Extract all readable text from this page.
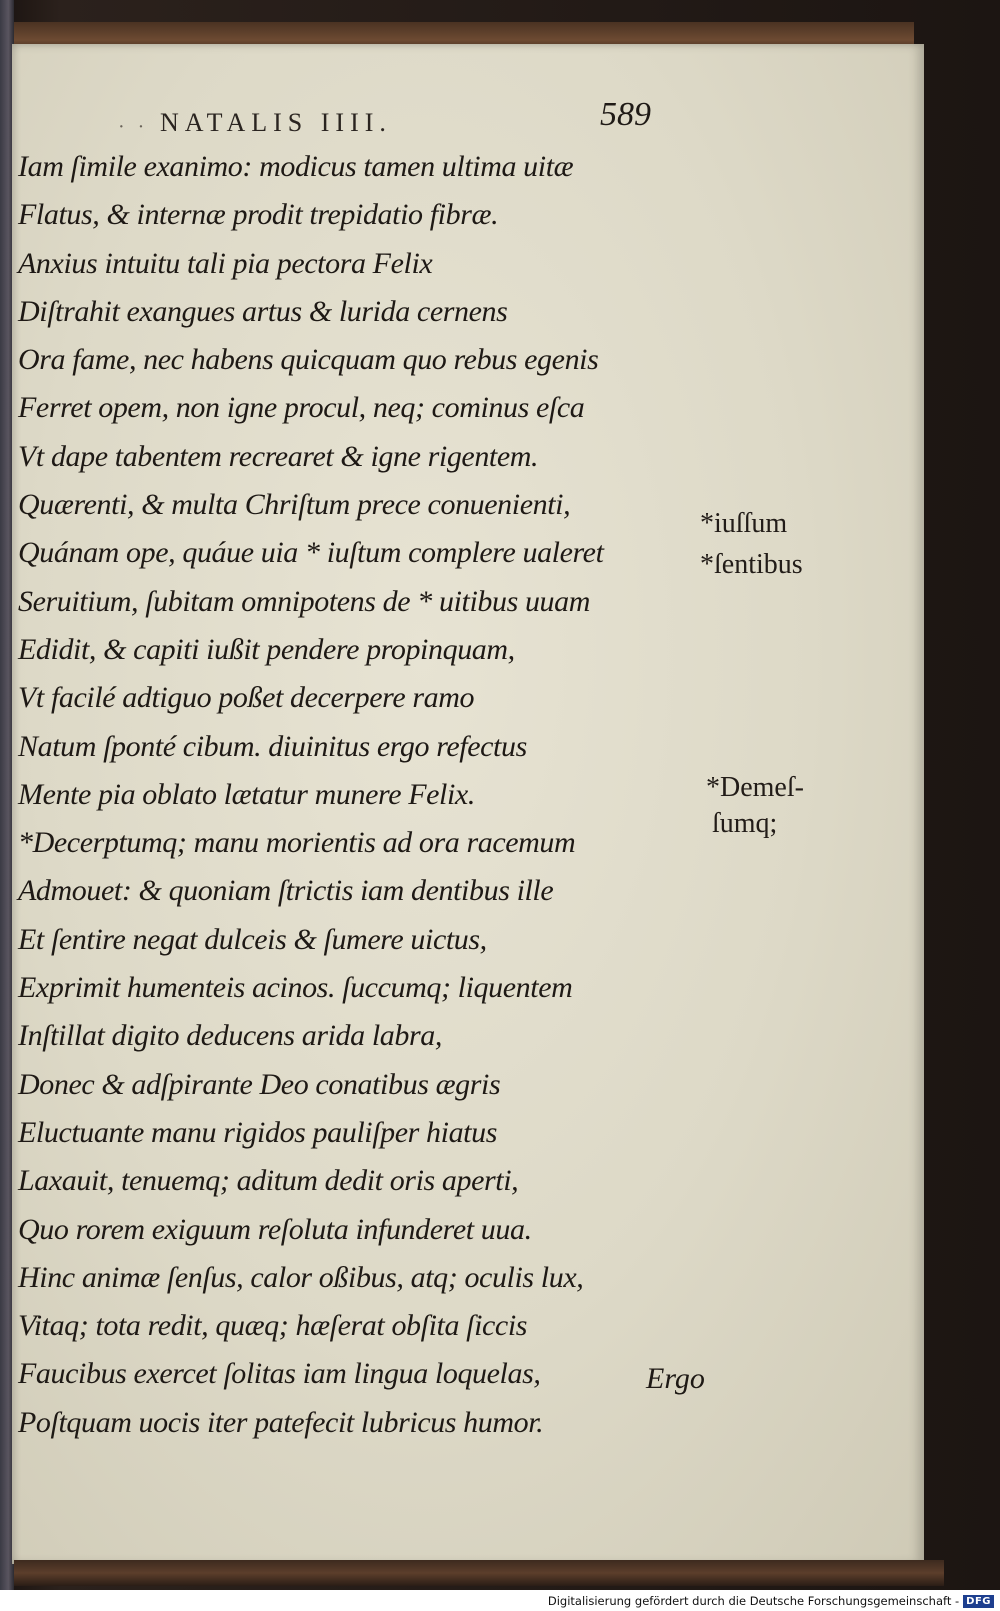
· · NATALIS IIII.	589
Iam ſimile exanimo: modicus tamen ultima uitæ
Flatus, & internæ prodit trepidatio fibræ.
Anxius intuitu tali pia pectora Felix
Diſtrahit exangues artus & lurida cernens
Ora fame, nec habens quicquam quo rebus egenis
Ferret opem, non igne procul, neq; cominus eſca
Vt dape tabentem recrearet & igne rigentem.
Quærenti, & multa Chriſtum prece conuenienti,
Quánam ope, quáue uia * iuſtum complere ualeret
Seruitium, ſubitam omnipotens de * uitibus uuam
Edidit, & capiti iußit pendere propinquam,
Vt facilé adtiguo poßet decerpere ramo
Natum ſponté cibum. diuinitus ergo refectus
Mente pia oblato lætatur munere Felix.
*Decerptumq; manu morientis ad ora racemum
Admouet: & quoniam ſtrictis iam dentibus ille
Et ſentire negat dulceis & ſumere uictus,
Exprimit humenteis acinos. ſuccumq; liquentem
Inſtillat digito deducens arida labra,
Donec & adſpirante Deo conatibus ægris
Eluctuante manu rigidos pauliſper hiatus
Laxauit, tenuemq; aditum dedit oris aperti,
Quo rorem exiguum reſoluta infunderet uua.
Hinc animæ ſenſus, calor oßibus, atq; oculis lux,
Vitaq; tota redit, quæq; hæſerat obſita ſiccis
Faucibus exercet ſolitas iam lingua loquelas,
Poſtquam uocis iter patefecit lubricus humor.
*iuſſum
*ſentibus
*Demeſ-
ſumq;
Ergo
Digitalisierung gefördert durch die Deutsche Forschungsgemeinschaft - DFG
